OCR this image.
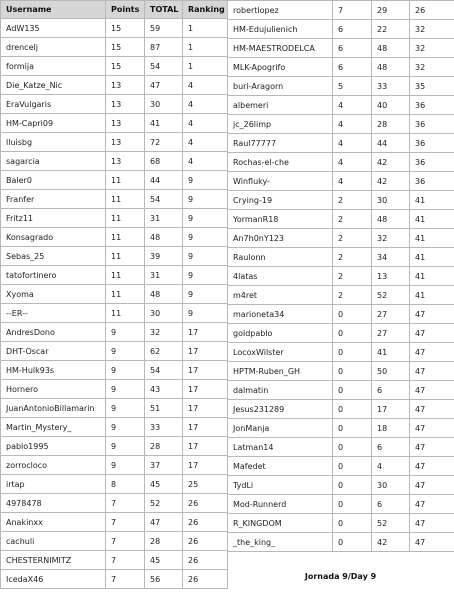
Username	Points	TOTAL	Ranking
AdW135	15	59	1
drencelj	15	87	1
formija	15	54	1
Die_Katze_Nic	13	47	4
EraVulgaris	13	30	4
HM-Capri09	13	41	4
lluisbg	13	72	4
sagarcia	13	68	4
Baler0	11	44	9
Franfer	11	54	9
Fritz11	11	31	9
Konsagrado	11	48	9
Sebas_25	11	39	9
tatofortinero	11	31	9
Xyoma	11	48	9
--ER--	11	30	9
AndresDono	9	32	17
DHT-Oscar	9	62	17
HM-Hulk93s	9	54	17
Hornero	9	43	17
JuanAntonioBillamarin	9	51	17
Martin_Mystery_	9	33	17
pablo1995	9	28	17
zorrocloco	9	37	17
irtap	8	45	25
4978478	7	52	26
Anakinxx	7	47	26
cachuli	7	28	26
CHESTERNIMITZ	7	45	26
IcedaX46	7	56	26
robertlopez	7	29	26
HM-Edujulienich	6	22	32
HM-MAESTRODELCA	6	48	32
MLK-Apogrifo	6	48	32
buri-Aragorn	5	33	35
albemeri	4	40	36
jc_26limp	4	28	36
Raul77777	4	44	36
Rochas-el-che	4	42	36
Winfluky-	4	42	36
Crying-19	2	30	41
YormanR18	2	48	41
An7h0nY123	2	32	41
Raulonn	2	34	41
4latas	2	13	41
m4ret	2	52	41
marioneta34	0	27	47
goldpablo	0	27	47
LocoxWilster	0	41	47
HPTM-Ruben_GH	0	50	47
dalmatin	0	6	47
Jesus231289	0	17	47
JonManja	0	18	47
Latman14	0	6	47
Mafedet	0	4	47
TydLi	0	30	47
Mod-Runnerd	0	6	47
R_KINGDOM	0	52	47
_the_king_	0	42	47
Jornada 9/Day 9
